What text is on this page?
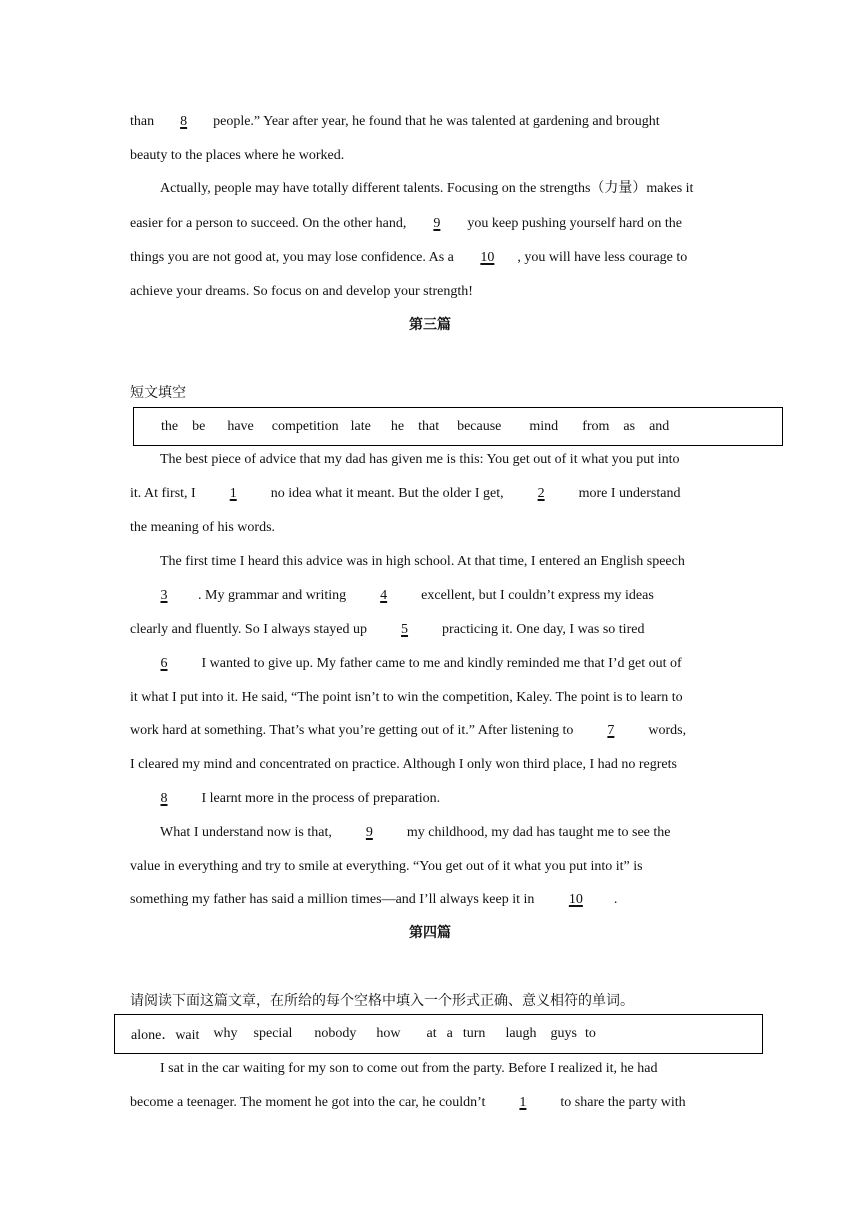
than 8 people.” Year after year, he found that he was talented at gardening and brought
beauty to the places where he worked.
Actually, people may have totally different talents. Focusing on the strengths（力量）makes it
easier for a person to succeed. On the other hand, 9 you keep pushing yourself hard on the
things you are not good at, you may lose confidence. As a 10 , you will have less courage to
achieve your dreams. So focus on and develop your strength!
第三篇
短文填空
the be have competition late he that because mind from as and
The best piece of advice that my dad has given me is this: You get out of it what you put into
it. At first, I 1 no idea what it meant. But the older I get, 2 more I understand
the meaning of his words.
The first time I heard this advice was in high school. At that time, I entered an English speech
3 . My grammar and writing 4 excellent, but I couldn’t express my ideas
clearly and fluently. So I always stayed up 5 practicing it. One day, I was so tired
6 I wanted to give up. My father came to me and kindly reminded me that I’d get out of
it what I put into it. He said, “The point isn’t to win the competition, Kaley. The point is to learn to
work hard at something. That’s what you’re getting out of it.” After listening to 7 words,
I cleared my mind and concentrated on practice. Although I only won third place, I had no regrets
8 I learnt more in the process of preparation.
What I understand now is that, 9 my childhood, my dad has taught me to see the
value in everything and try to smile at everything. “You get out of it what you put into it” is
something my father has said a million times—and I’ll always keep it in 10 .
第四篇
请阅读下面这篇文章，在所给的每个空格中填入一个形式正确、意义相符的单词。
alone．wait why special nobody how at a turn laugh guys to
I sat in the car waiting for my son to come out from the party. Before I realized it, he had
become a teenager. The moment he got into the car, he couldn’t 1 to share the party with
